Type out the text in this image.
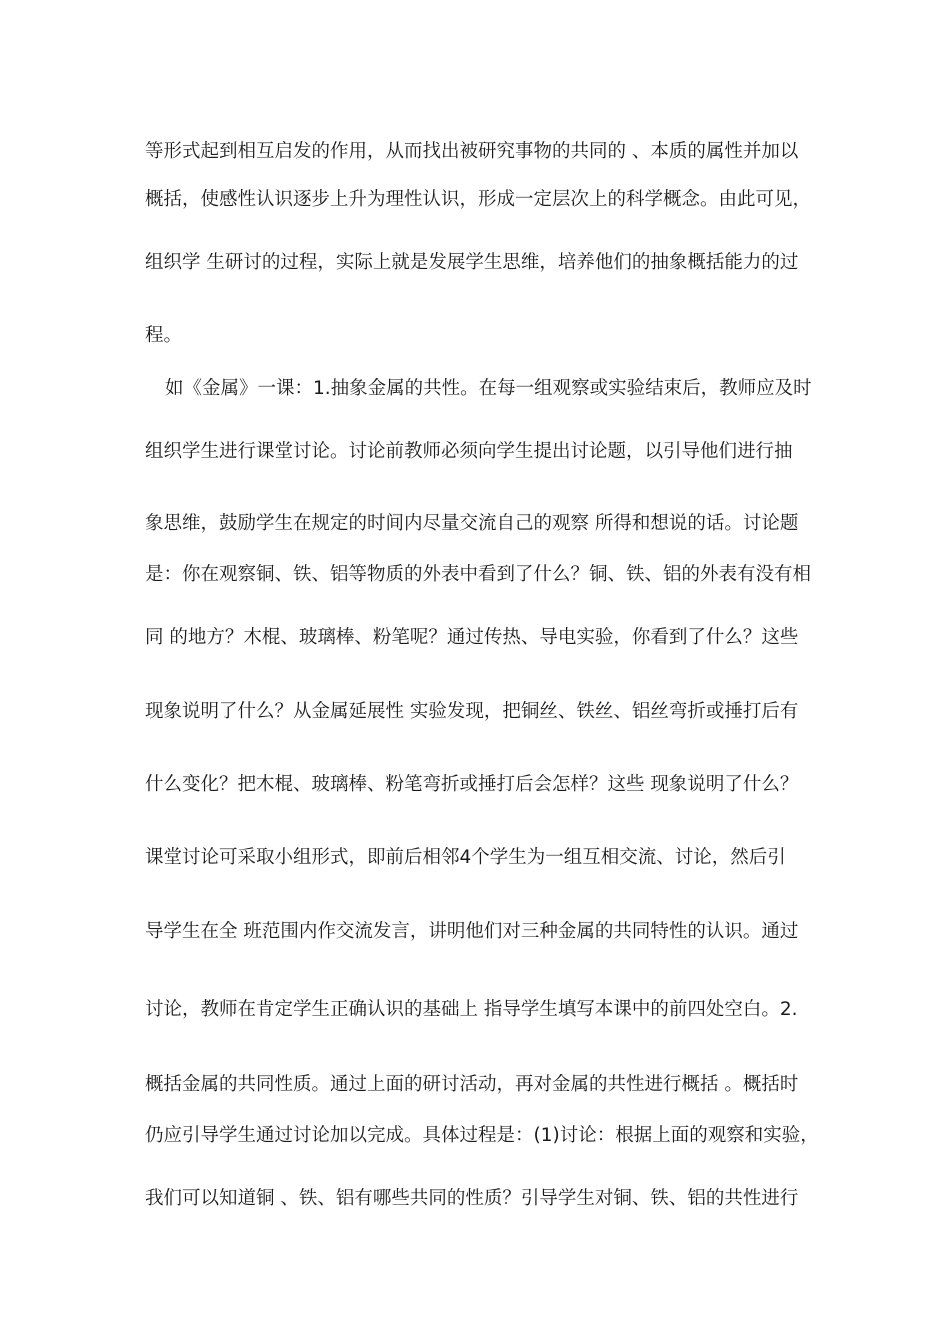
等形式起到相互启发的作用，从而找出被研究事物的共同的 、本质的属性并加以
概括，使感性认识逐步上升为理性认识，形成一定层次上的科学概念。由此可见，
组织学 生研讨的过程，实际上就是发展学生思维，培养他们的抽象概括能力的过
程。
如《金属》一课：1.抽象金属的共性。在每一组观察或实验结束后，教师应及时
组织学生进行课堂讨论。讨论前教师必须向学生提出讨论题，以引导他们进行抽
象思维，鼓励学生在规定的时间内尽量交流自己的观察 所得和想说的话。讨论题
是：你在观察铜、铁、铝等物质的外表中看到了什么？铜、铁、铝的外表有没有相
同 的地方？木棍、玻璃棒、粉笔呢？通过传热、导电实验，你看到了什么？这些
现象说明了什么？从金属延展性 实验发现，把铜丝、铁丝、铝丝弯折或捶打后有
什么变化？把木棍、玻璃棒、粉笔弯折或捶打后会怎样？这些 现象说明了什么？
课堂讨论可采取小组形式，即前后相邻4个学生为一组互相交流、讨论，然后引
导学生在全 班范围内作交流发言，讲明他们对三种金属的共同特性的认识。通过
讨论，教师在肯定学生正确认识的基础上 指导学生填写本课中的前四处空白。2.
概括金属的共同性质。通过上面的研讨活动，再对金属的共性进行概括 。概括时
仍应引导学生通过讨论加以完成。具体过程是：(1)讨论：根据上面的观察和实验，
我们可以知道铜 、铁、铝有哪些共同的性质？引导学生对铜、铁、铝的共性进行
